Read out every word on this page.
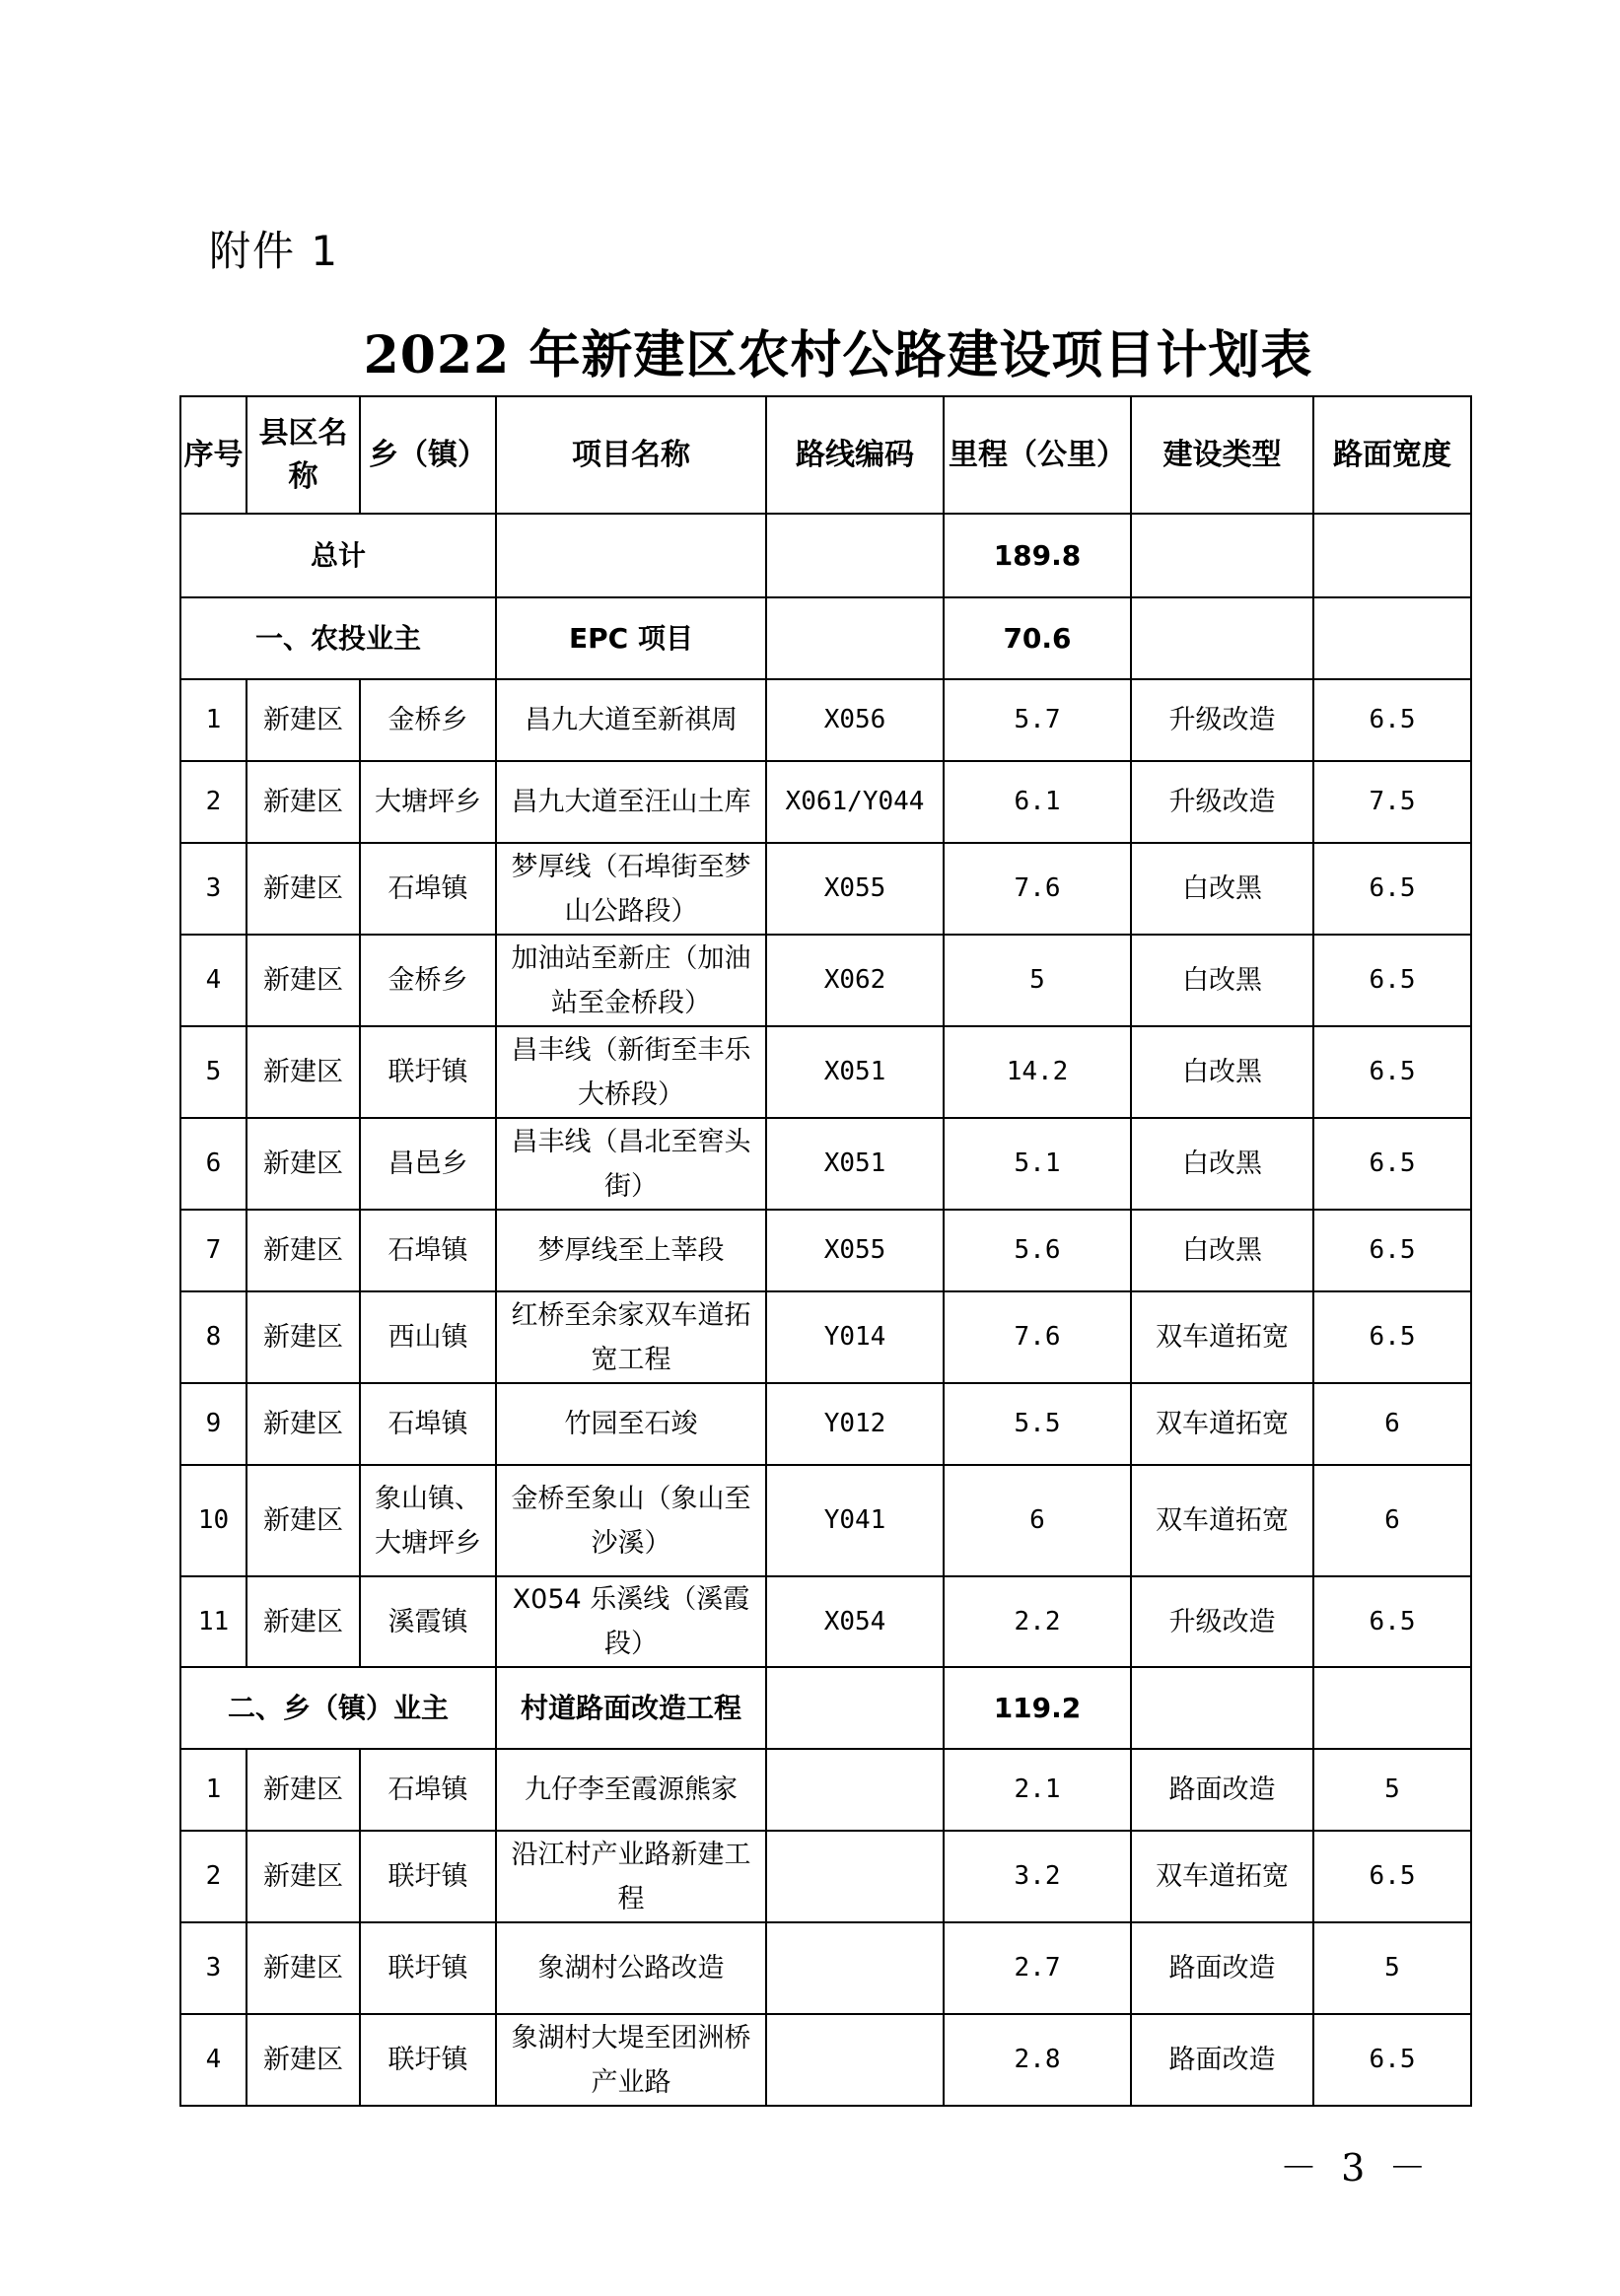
附件 1
2022 年新建区农村公路建设项目计划表
序号	县区名称	乡（镇）	项目名称	路线编码	里程（公里）	建设类型	路面宽度
总计					189.8		
一、农投业主			EPC 项目		70.6		
1	新建区	金桥乡	昌九大道至新祺周	X056	5.7	升级改造	6.5
2	新建区	大塘坪乡	昌九大道至汪山土库	X061/Y044	6.1	升级改造	7.5
3	新建区	石埠镇	梦厚线（石埠街至梦山公路段）	X055	7.6	白改黑	6.5
4	新建区	金桥乡	加油站至新庄（加油站至金桥段）	X062	5	白改黑	6.5
5	新建区	联圩镇	昌丰线（新街至丰乐大桥段）	X051	14.2	白改黑	6.5
6	新建区	昌邑乡	昌丰线（昌北至窖头街）	X051	5.1	白改黑	6.5
7	新建区	石埠镇	梦厚线至上莘段	X055	5.6	白改黑	6.5
8	新建区	西山镇	红桥至余家双车道拓宽工程	Y014	7.6	双车道拓宽	6.5
9	新建区	石埠镇	竹园至石竣	Y012	5.5	双车道拓宽	6
10	新建区	象山镇、大塘坪乡	金桥至象山（象山至沙溪）	Y041	6	双车道拓宽	6
11	新建区	溪霞镇	X054 乐溪线（溪霞段）	X054	2.2	升级改造	6.5
二、乡（镇）业主			村道路面改造工程		119.2		
1	新建区	石埠镇	九仔李至霞源熊家		2.1	路面改造	5
2	新建区	联圩镇	沿江村产业路新建工程		3.2	双车道拓宽	6.5
3	新建区	联圩镇	象湖村公路改造		2.7	路面改造	5
4	新建区	联圩镇	象湖村大堤至团洲桥产业路		2.8	路面改造	6.5
－ 3 －
